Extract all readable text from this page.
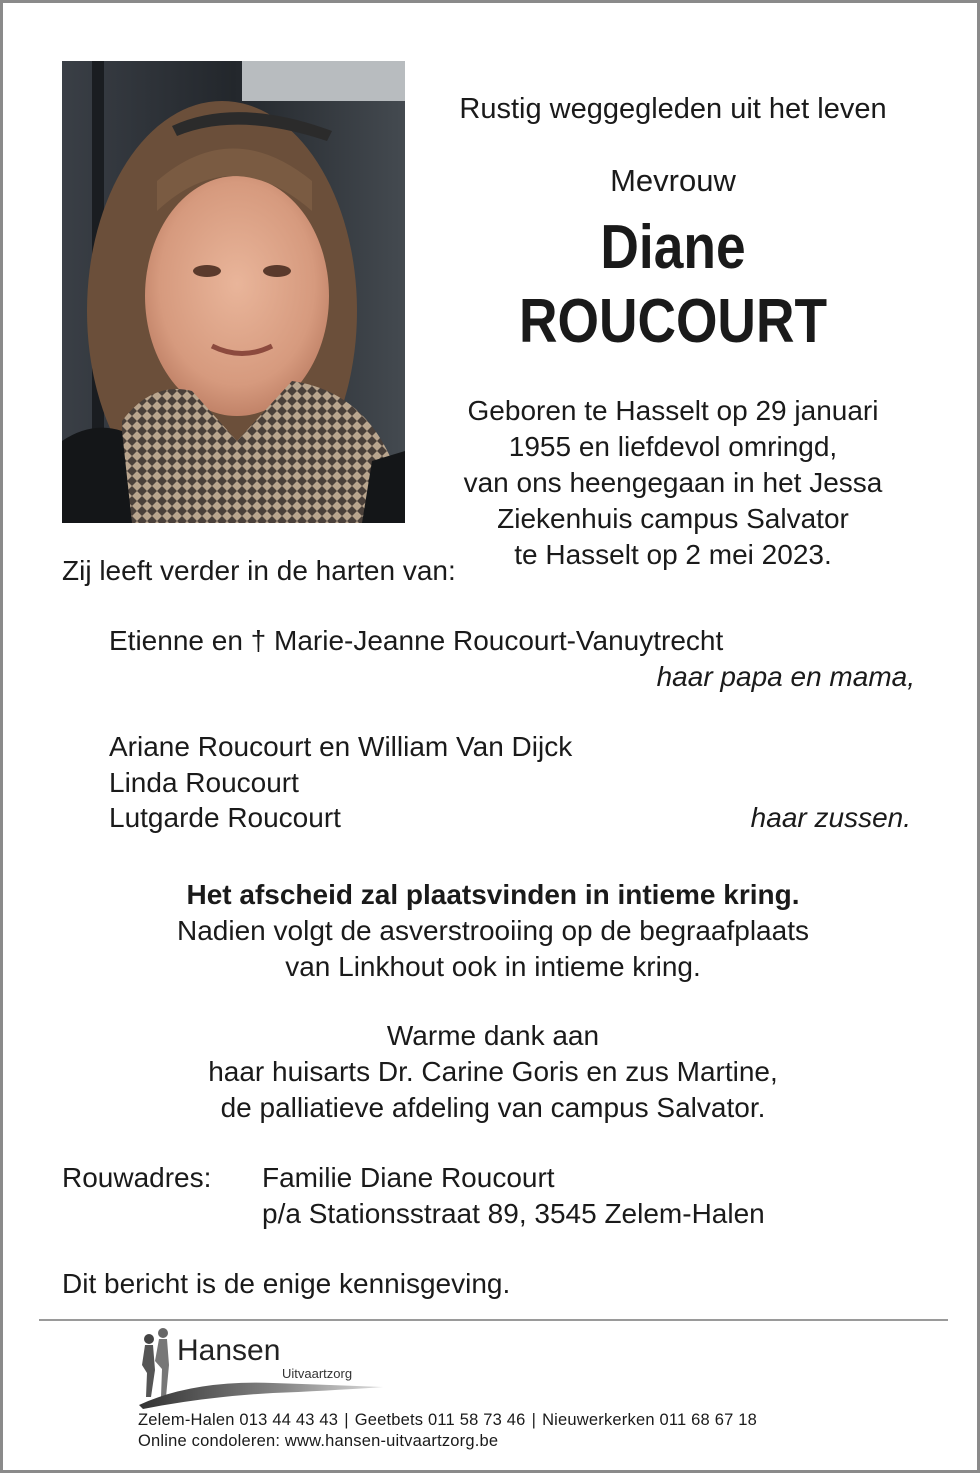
Rustig weggegleden uit het leven

Mevrouw

Diane ROUCOURT

Geboren te Hasselt op 29 januari
1955 en liefdevol omringd,
van ons heengegaan in het Jessa
Ziekenhuis campus Salvator
te Hasselt op 2 mei 2023.

Zij leeft verder in de harten van:
Etienne en † Marie-Jeanne Roucourt-Vanuytrecht
haar papa en mama,
Ariane Roucourt en William Van Dijck
Linda Roucourt
Lutgarde Roucourt	haar zussen.
Het afscheid zal plaatsvinden in intieme kring.
Nadien volgt de asverstrooiing op de begraafplaats
van Linkhout ook in intieme kring.
Warme dank aan
haar huisarts Dr. Carine Goris en zus Martine,
de palliatieve afdeling van campus Salvator.
Rouwadres: Familie Diane Roucourt
p/a Stationsstraat 89, 3545 Zelem-Halen
Dit bericht is de enige kennisgeving.
Hansen
Uitvaartzorg
Zelem-Halen 013 44 43 43 | Geetbets 011 58 73 46 | Nieuwerkerken 011 68 67 18
Online condoleren: www.hansen-uitvaartzorg.be
